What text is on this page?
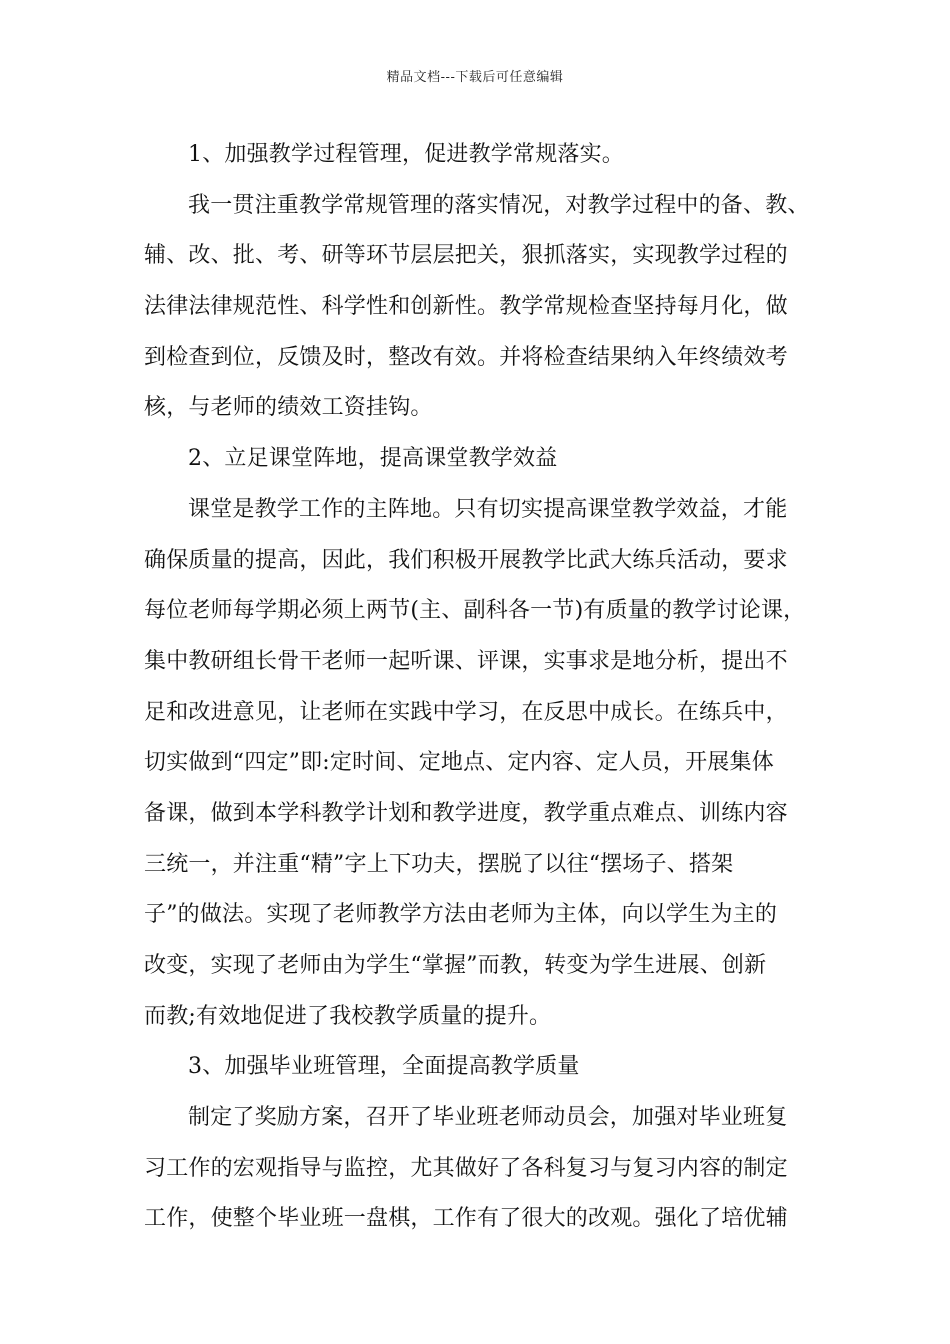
精品文档---下载后可任意编辑
1、加强教学过程管理，促进教学常规落实。
我一贯注重教学常规管理的落实情况，对教学过程中的备、教、
辅、改、批、考、研等环节层层把关，狠抓落实，实现教学过程的
法律法律规范性、科学性和创新性。教学常规检查坚持每月化，做
到检查到位，反馈及时，整改有效。并将检查结果纳入年终绩效考
核，与老师的绩效工资挂钩。
2、立足课堂阵地，提高课堂教学效益
课堂是教学工作的主阵地。只有切实提高课堂教学效益，才能
确保质量的提高，因此，我们积极开展教学比武大练兵活动，要求
每位老师每学期必须上两节(主、副科各一节)有质量的教学讨论课，
集中教研组长骨干老师一起听课、评课，实事求是地分析，提出不
足和改进意见，让老师在实践中学习，在反思中成长。在练兵中，
切实做到“四定”即:定时间、定地点、定内容、定人员，开展集体
备课，做到本学科教学计划和教学进度，教学重点难点、训练内容
三统一，并注重“精”字上下功夫，摆脱了以往“摆场子、搭架
子”的做法。实现了老师教学方法由老师为主体，向以学生为主的
改变，实现了老师由为学生“掌握”而教，转变为学生进展、创新
而教;有效地促进了我校教学质量的提升。
3、加强毕业班管理，全面提高教学质量
制定了奖励方案，召开了毕业班老师动员会，加强对毕业班复
习工作的宏观指导与监控，尤其做好了各科复习与复习内容的制定
工作，使整个毕业班一盘棋，工作有了很大的改观。强化了培优辅
